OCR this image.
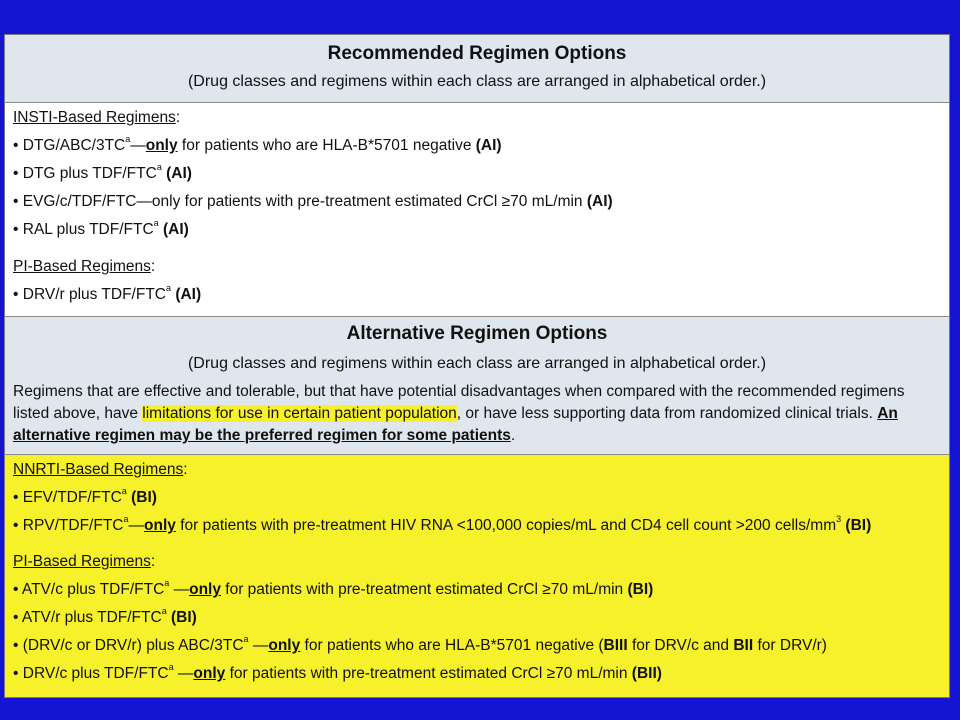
Recommended Regimen Options
(Drug classes and regimens within each class are arranged in alphabetical order.)
INSTI-Based Regimens:
• DTG/$ABC/3TC^a—only$ for patients who are HLA-B*5701 negative (AI)
• DTG plus TDF/FTC$^a$ (AI)
• EVG/c/TDF/FTC—only for patients with pre-treatment estimated CrCl ≥70 mL/min (AI)
• RAL plus TDF/FTC$^a$ (AI)
PI-Based Regimens:
• DRV/r plus TDF/FTC$^a$ (AI)
Alternative Regimen Options
(Drug classes and regimens within each class are arranged in alphabetical order.)
Regimens that are effective and tolerable, but that have potential disadvantages when compared with the recommended regimens listed above, have limitations for use in certain patient population, or have less supporting data from randomized clinical trials. An alternative regimen may be the preferred regimen for some patients.
NNRTI-Based Regimens:
• EFV/TDF/FTC$^a$ (BI)
• RPV/TDF/FTC$^a$—only for patients with pre-treatment HIV RNA <100,000 copies/mL and CD4 cell count >200 cells/$mm^3$ (BI)
PI-Based Regimens:
• ATV/c plus TDF/FTC$^a$ —only for patients with pre-treatment estimated CrCl ≥70 mL/min (BI)
• ATV/r plus TDF/FTC$^a$ (BI)
• (DRV/c or DRV/r) plus ABC/$3TC^a$ —only for patients who are HLA-B*5701 negative (BIII for DRV/c and BII for DRV/r)
• DRV/c plus TDF/FTC$^a$ —only for patients with pre-treatment estimated CrCl ≥70 mL/min (BII)
